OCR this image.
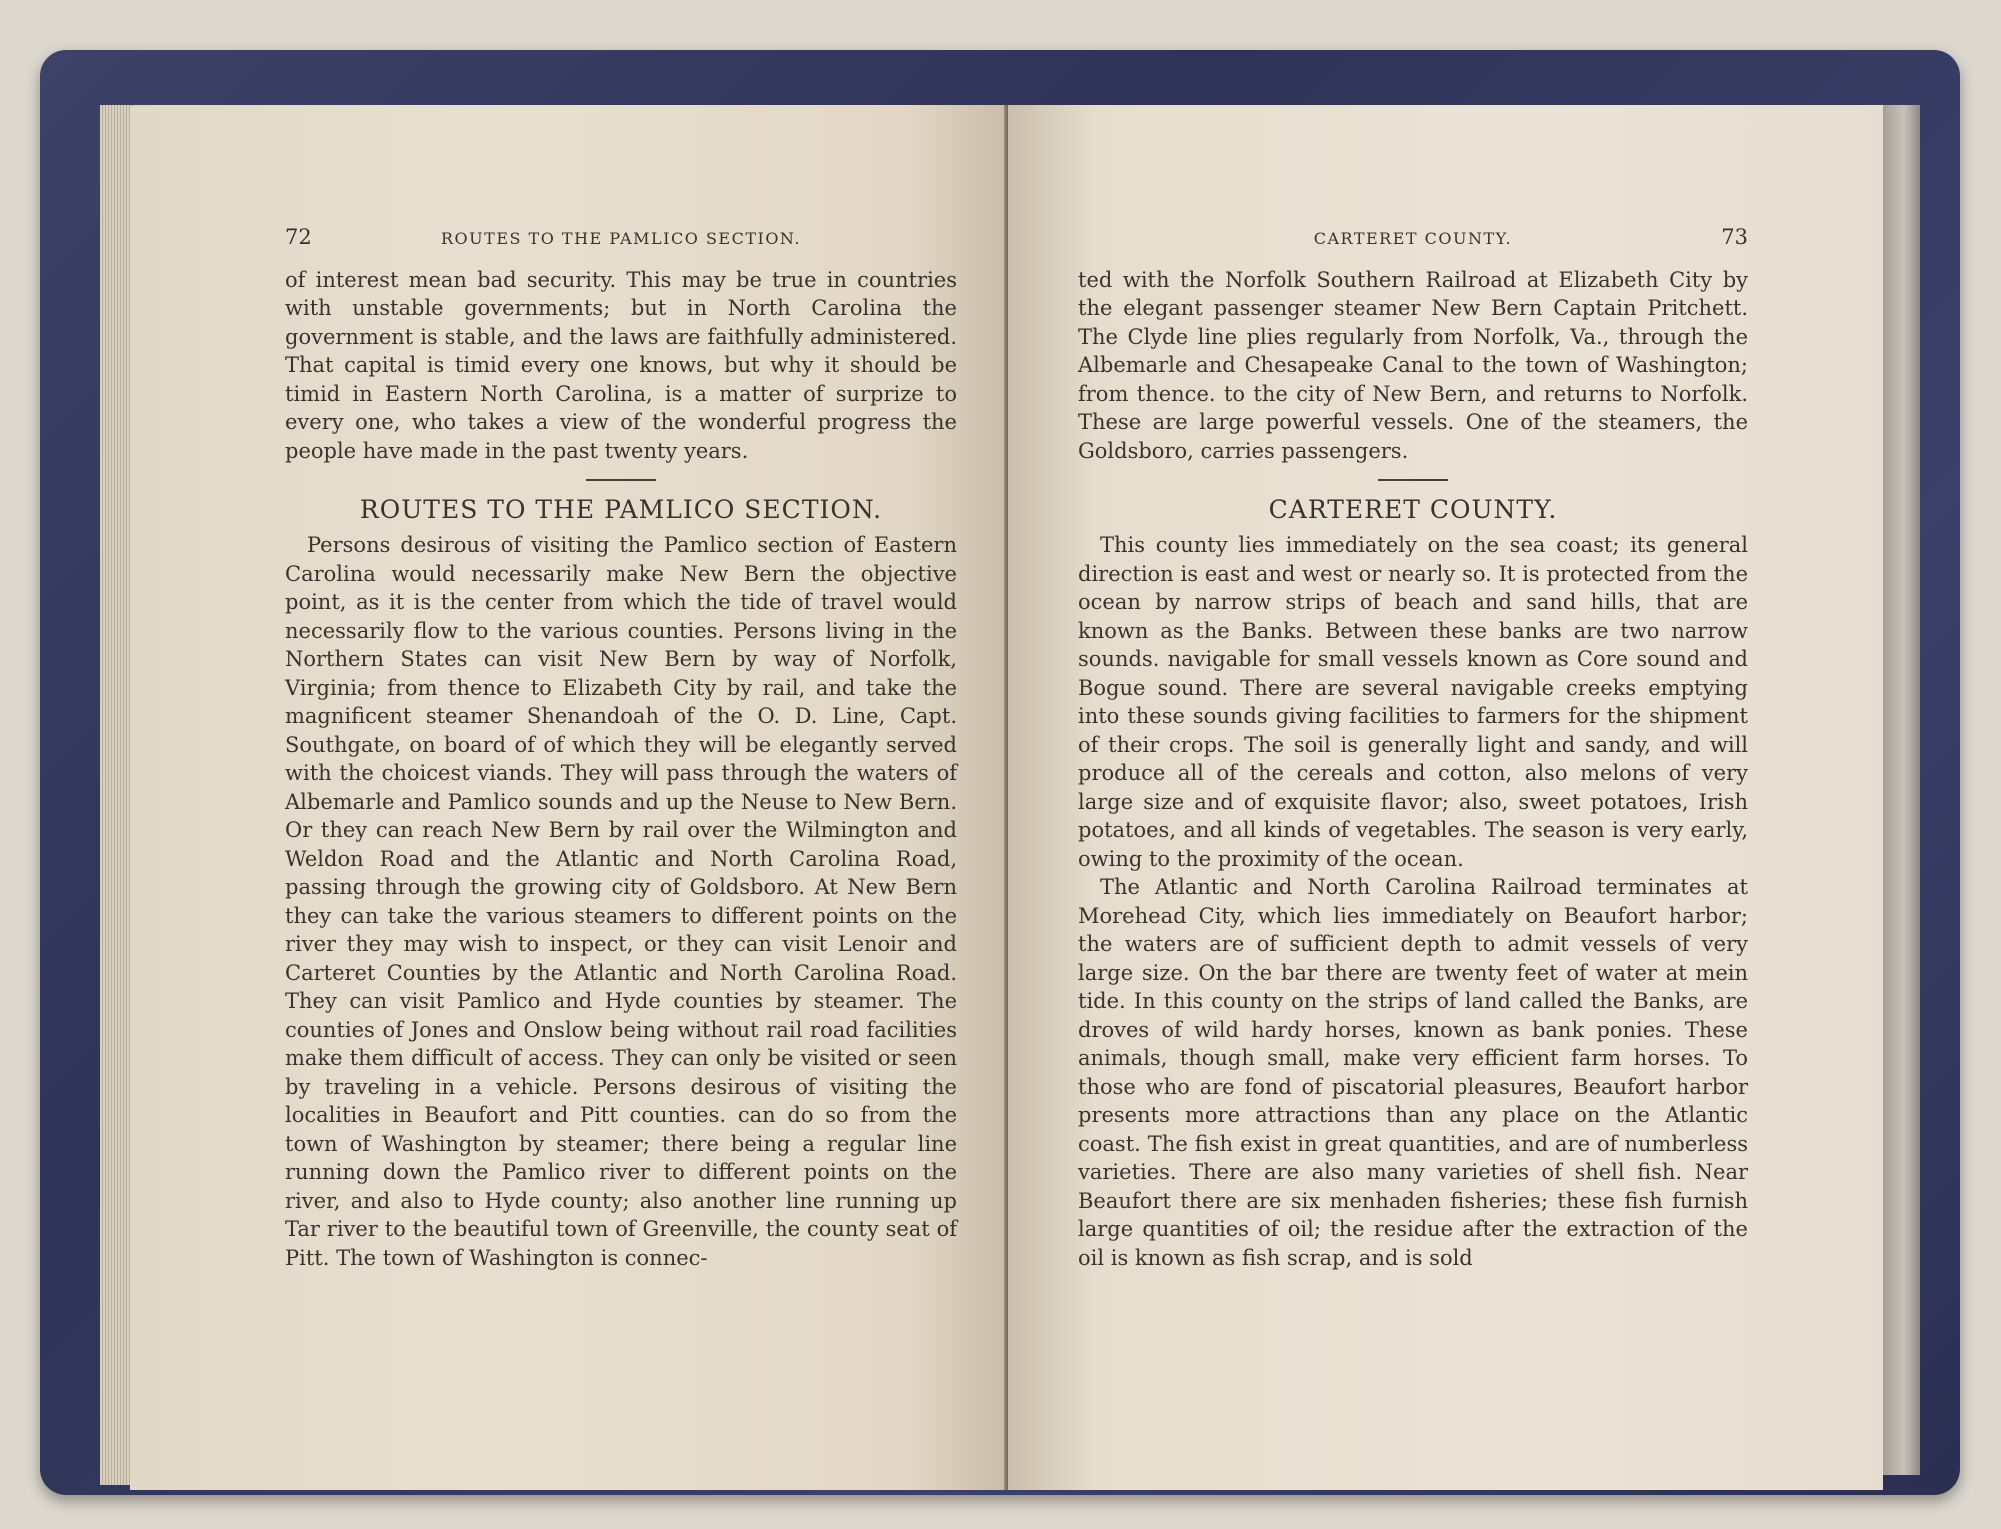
72	ROUTES TO THE PAMLICO SECTION.

of interest mean bad security. This may be true in countries with unstable governments; but in North Carolina the government is stable, and the laws are faithfully administered. That capital is timid every one knows, but why it should be timid in Eastern North Carolina, is a matter of surprize to every one, who takes a view of the wonderful progress the people have made in the past twenty years.

ROUTES TO THE PAMLICO SECTION.

Persons desirous of visiting the Pamlico section of Eastern Carolina would necessarily make New Bern the objective point, as it is the center from which the tide of travel would necessarily flow to the various counties. Persons living in the Northern States can visit New Bern by way of Norfolk, Virginia; from thence to Elizabeth City by rail, and take the magnificent steamer Shenandoah of the O. D. Line, Capt. Southgate, on board of of which they will be elegantly served with the choicest viands. They will pass through the waters of Albemarle and Pamlico sounds and up the Neuse to New Bern. Or they can reach New Bern by rail over the Wilmington and Weldon Road and the Atlantic and North Carolina Road, passing through the growing city of Goldsboro. At New Bern they can take the various steamers to different points on the river they may wish to inspect, or they can visit Lenoir and Carteret Counties by the Atlantic and North Carolina Road. They can visit Pamlico and Hyde counties by steamer. The counties of Jones and Onslow being without rail road facilities make them difficult of access. They can only be visited or seen by traveling in a vehicle. Persons desirous of visiting the localities in Beaufort and Pitt counties. can do so from the town of Washington by steamer; there being a regular line running down the Pamlico river to different points on the river, and also to Hyde county; also another line running up Tar river to the beautiful town of Greenville, the county seat of Pitt. The town of Washington is connec-

CARTERET COUNTY.	73

ted with the Norfolk Southern Railroad at Elizabeth City by the elegant passenger steamer New Bern Captain Pritchett. The Clyde line plies regularly from Norfolk, Va., through the Albemarle and Chesapeake Canal to the town of Washington; from thence. to the city of New Bern, and returns to Norfolk. These are large powerful vessels. One of the steamers, the Goldsboro, carries passengers.

CARTERET COUNTY.

This county lies immediately on the sea coast; its general direction is east and west or nearly so. It is protected from the ocean by narrow strips of beach and sand hills, that are known as the Banks. Between these banks are two narrow sounds. navigable for small vessels known as Core sound and Bogue sound. There are several navigable creeks emptying into these sounds giving facilities to farmers for the shipment of their crops. The soil is generally light and sandy, and will produce all of the cereals and cotton, also melons of very large size and of exquisite flavor; also, sweet potatoes, Irish potatoes, and all kinds of vegetables. The season is very early, owing to the proximity of the ocean.

The Atlantic and North Carolina Railroad terminates at Morehead City, which lies immediately on Beaufort harbor; the waters are of sufficient depth to admit vessels of very large size. On the bar there are twenty feet of water at mein tide. In this county on the strips of land called the Banks, are droves of wild hardy horses, known as bank ponies. These animals, though small, make very efficient farm horses. To those who are fond of piscatorial pleasures, Beaufort harbor presents more attractions than any place on the Atlantic coast. The fish exist in great quantities, and are of numberless varieties. There are also many varieties of shell fish. Near Beaufort there are six menhaden fisheries; these fish furnish large quantities of oil; the residue after the extraction of the oil is known as fish scrap, and is sold
